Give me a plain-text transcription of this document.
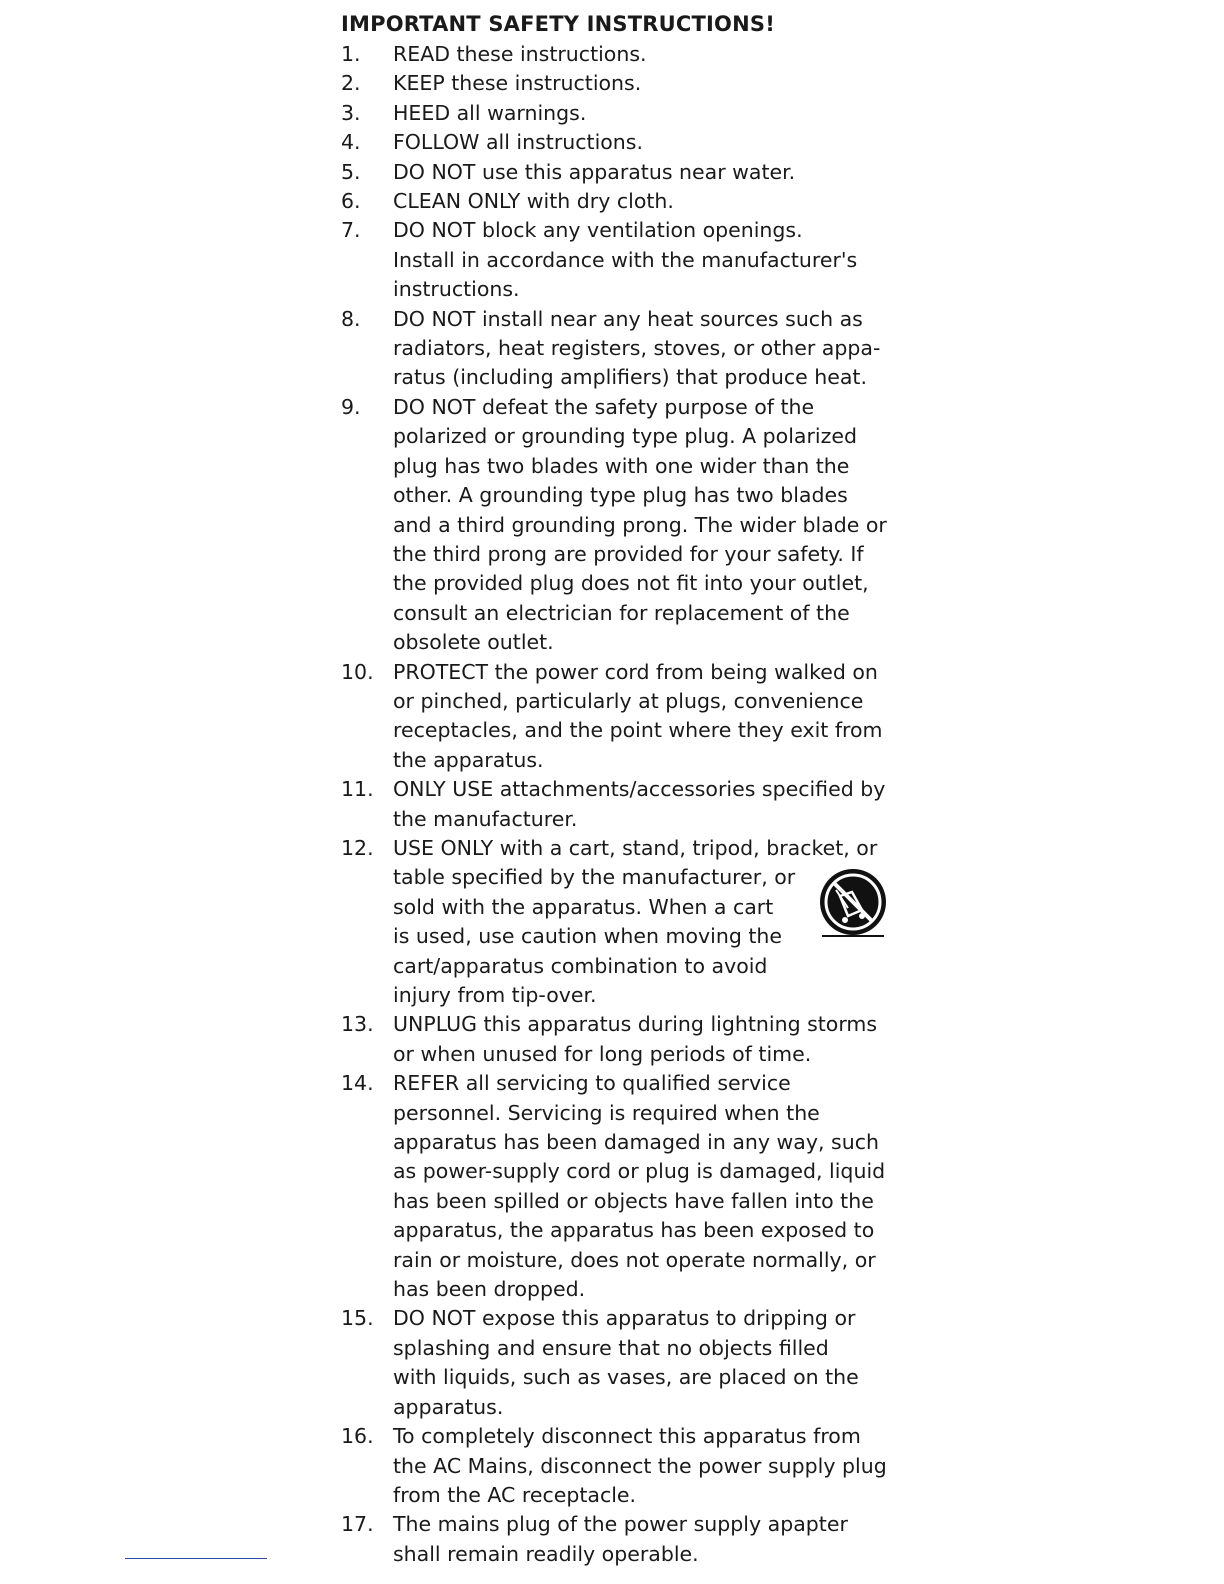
IMPORTANT SAFETY INSTRUCTIONS!
1.	READ these instructions.
2.	KEEP these instructions.
3.	HEED all warnings.
4.	FOLLOW all instructions.
5.	DO NOT use this apparatus near water.
6.	CLEAN ONLY with dry cloth.
7.	DO NOT block any ventilation openings.
Install in accordance with the manufacturer's
instructions.
8.	DO NOT install near any heat sources such as
radiators, heat registers, stoves, or other appa-
ratus (including amplifiers) that produce heat.
9.	DO NOT defeat the safety purpose of the
polarized or grounding type plug. A polarized
plug has two blades with one wider than the
other. A grounding type plug has two blades
and a third grounding prong. The wider blade or
the third prong are provided for your safety. If
the provided plug does not fit into your outlet,
consult an electrician for replacement of the
obsolete outlet.
10. PROTECT the power cord from being walked on
or pinched, particularly at plugs, convenience
receptacles, and the point where they exit from
the apparatus.
11. ONLY USE attachments/accessories specified by
the manufacturer.
12. USE ONLY with a cart, stand, tripod, bracket, or
table specified by the manufacturer, or
sold with the apparatus. When a cart
is used, use caution when moving the
cart/apparatus combination to avoid
injury from tip-over.
13. UNPLUG this apparatus during lightning storms
or when unused for long periods of time.
14. REFER all servicing to qualified service
personnel. Servicing is required when the
apparatus has been damaged in any way, such
as power-supply cord or plug is damaged, liquid
has been spilled or objects have fallen into the
apparatus, the apparatus has been exposed to
rain or moisture, does not operate normally, or
has been dropped.
15. DO NOT expose this apparatus to dripping or
splashing and ensure that no objects filled
with liquids, such as vases, are placed on the
apparatus.
16. To completely disconnect this apparatus from
the AC Mains, disconnect the power supply plug
from the AC receptacle.
17. The mains plug of the power supply apapter
shall remain readily operable.
